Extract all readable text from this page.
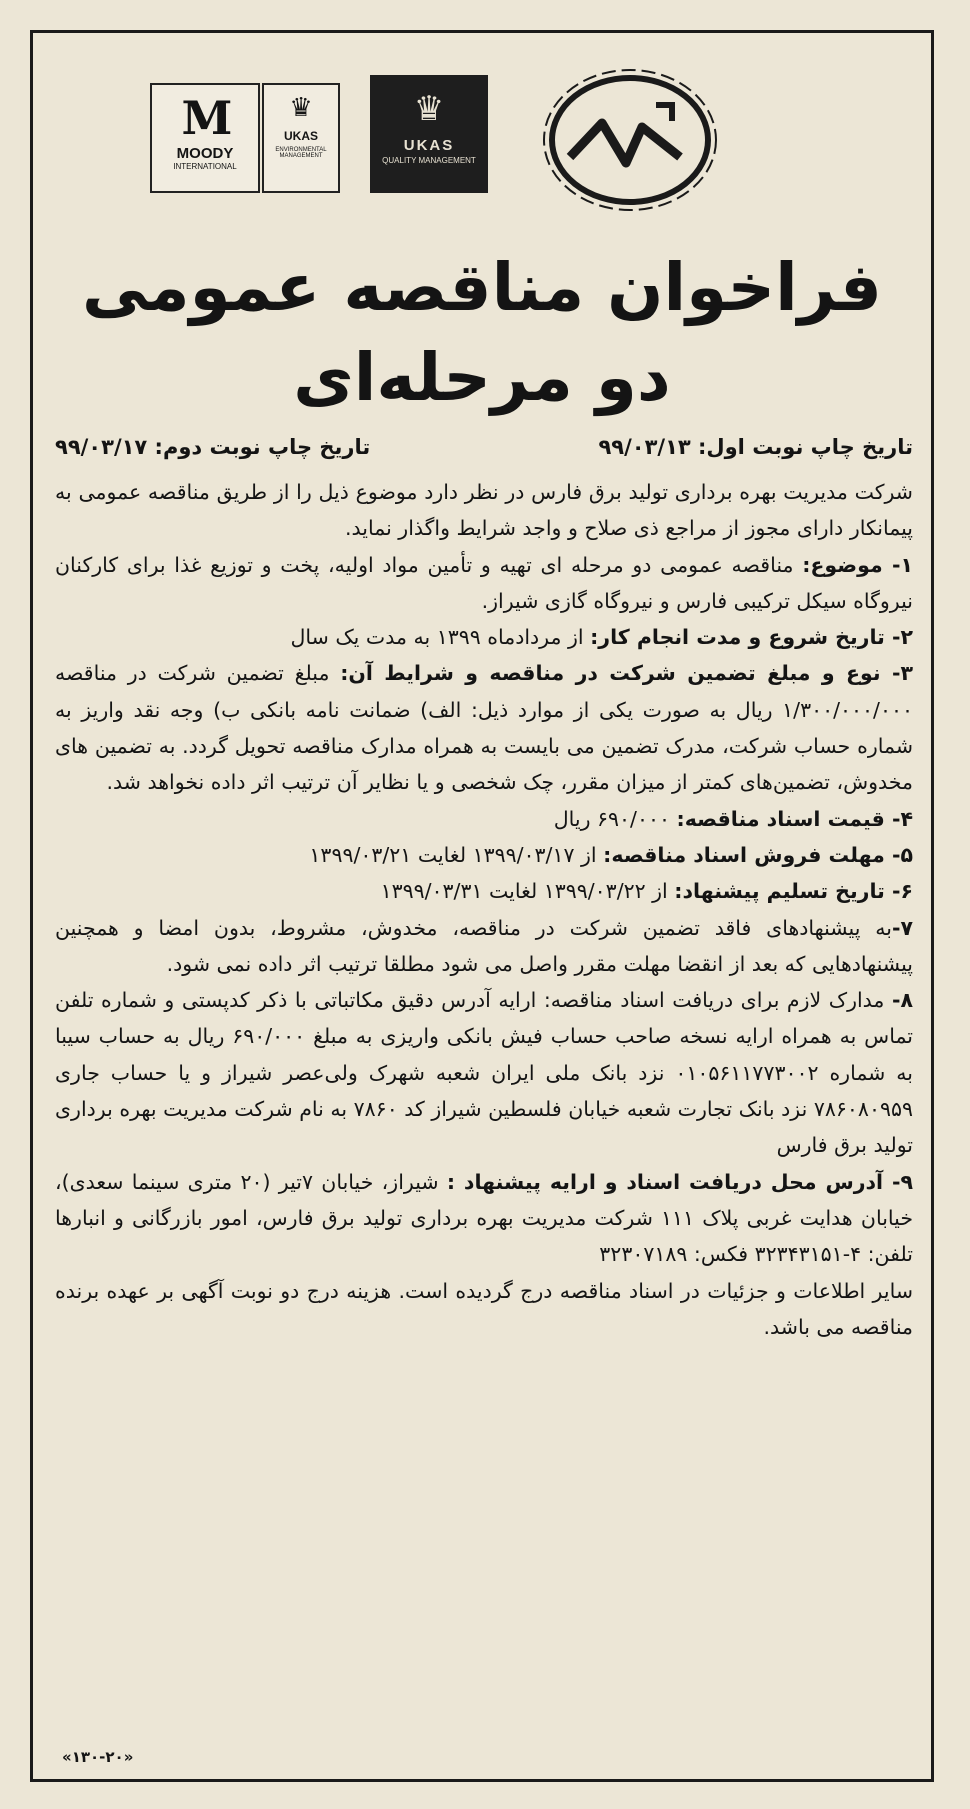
M
MOODY
INTERNATIONAL
♛
UKAS
ENVIRONMENTAL MANAGEMENT
♛
UKAS
QUALITY MANAGEMENT
فراخوان مناقصه عمومی
دو مرحله‌ای
تاریخ چاپ نوبت اول: ۹۹/۰۳/۱۳
تاریخ چاپ نوبت دوم: ۹۹/۰۳/۱۷

شرکت مدیریت بهره برداری تولید برق فارس در نظر دارد موضوع ذیل را از طریق مناقصه عمومی به پیمانکار دارای مجوز از مراجع ذی صلاح و واجد شرایط واگذار نماید.

۱- موضوع: مناقصه عمومی دو مرحله ای تهیه و تأمین مواد اولیه، پخت و توزیع غذا برای کارکنان نیروگاه سیکل ترکیبی فارس و نیروگاه گازی شیراز.

۲- تاریخ شروع و مدت انجام کار: از مردادماه ۱۳۹۹ به مدت یک سال

۳- نوع و مبلغ تضمین شرکت در مناقصه و شرایط آن: مبلغ تضمین شرکت در مناقصه ۱/۳۰۰/۰۰۰/۰۰۰ ریال به صورت یکی از موارد ذیل: الف) ضمانت نامه بانکی ب) وجه نقد واریز به شماره حساب شرکت، مدرک تضمین می بایست به همراه مدارک مناقصه تحویل گردد. به تضمین های مخدوش، تضمین‌های کمتر از میزان مقرر، چک شخصی و یا نظایر آن ترتیب اثر داده نخواهد شد.

۴- قیمت اسناد مناقصه: ۶۹۰/۰۰۰ ریال

۵- مهلت فروش اسناد مناقصه: از ۱۳۹۹/۰۳/۱۷ لغایت ۱۳۹۹/۰۳/۲۱

۶- تاریخ تسلیم پیشنهاد: از ۱۳۹۹/۰۳/۲۲ لغایت ۱۳۹۹/۰۳/۳۱

۷-به پیشنهادهای فاقد تضمین شرکت در مناقصه، مخدوش، مشروط، بدون امضا و همچنین پیشنهادهایی که بعد از انقضا مهلت مقرر واصل می شود مطلقا ترتیب اثر داده نمی شود.

۸- مدارک لازم برای دریافت اسناد مناقصه: ارایه آدرس دقیق مکاتباتی با ذکر کدپستی و شماره تلفن تماس به همراه ارایه نسخه صاحب حساب فیش بانکی واریزی به مبلغ ۶۹۰/۰۰۰ ریال به حساب سیبا به شماره ۰۱۰۵۶۱۱۷۷۳۰۰۲ نزد بانک ملی ایران شعبه شهرک ولی‌عصر شیراز و یا حساب جاری ۷۸۶۰۸۰۹۵۹ نزد بانک تجارت شعبه خیابان فلسطین شیراز کد ۷۸۶۰ به نام شرکت مدیریت بهره برداری تولید برق فارس

۹- آدرس محل دریافت اسناد و ارایه پیشنهاد : شیراز، خیابان ۷تیر (۲۰ متری سینما سعدی)، خیابان هدایت غربی پلاک ۱۱۱ شرکت مدیریت بهره برداری تولید برق فارس، امور بازرگانی و انبارها تلفن: ۴-۳۲۳۴۳۱۵۱ فکس: ۳۲۳۰۷۱۸۹

سایر اطلاعات و جزئیات در اسناد مناقصه درج گردیده است. هزینه درج دو نوبت آگهی بر عهده برنده مناقصه می باشد.

«۱۳۰-۲۰»
